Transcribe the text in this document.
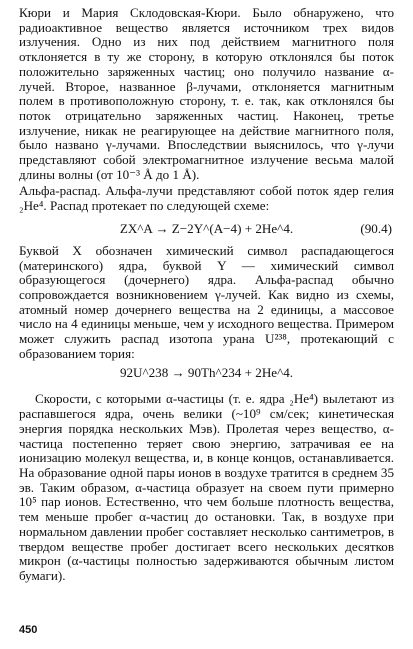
Кюри и Мария Склодовская-Кюри. Было обнаружено, что радиоактивное вещество является источником трех видов излучения. Одно из них под действием магнитного поля отклоняется в ту же сторону, в которую отклонялся бы поток положительно заряженных частиц; оно получило название α-лучей. Второе, названное β-лучами, отклоняется магнитным полем в противоположную сторону, т. е. так, как отклонялся бы поток отрицательно заряженных частиц. Наконец, третье излучение, никак не реагирующее на действие магнитного поля, было названо γ-лучами. Впоследствии выяснилось, что γ-лучи представляют собой электромагнитное излучение весьма малой длины волны (от 10⁻³ Å до 1 Å).

Альфа-распад. Альфа-лучи представляют собой поток ядер гелия ₂He⁴. Распад протекает по следующей схеме:

ZX^A → Z−2Y^(A−4) + 2He^4.	(90.4)

Буквой X обозначен химический символ распадающегося (материнского) ядра, буквой Y — химический символ образующегося (дочернего) ядра. Альфа-распад обычно сопровождается возникновением γ-лучей. Как видно из схемы, атомный номер дочернего вещества на 2 единицы, а массовое число на 4 единицы меньше, чем у исходного вещества. Примером может служить распад изотопа урана U²³⁸, протекающий с образованием тория:

92U^238 → 90Th^234 + 2He^4.

Скорости, с которыми α-частицы (т. е. ядра ₂He⁴) вылетают из распавшегося ядра, очень велики (~10⁹ см/сек; кинетическая энергия порядка нескольких Мэв). Пролетая через вещество, α-частица постепенно теряет свою энергию, затрачивая ее на ионизацию молекул вещества, и, в конце концов, останавливается. На образование одной пары ионов в воздухе тратится в среднем 35 эв. Таким образом, α-частица образует на своем пути примерно 10⁵ пар ионов. Естественно, что чем больше плотность вещества, тем меньше пробег α-частиц до остановки. Так, в воздухе при нормальном давлении пробег составляет несколько сантиметров, в твердом веществе пробег достигает всего нескольких десятков микрон (α-частицы полностью задерживаются обычным листом бумаги).

450
